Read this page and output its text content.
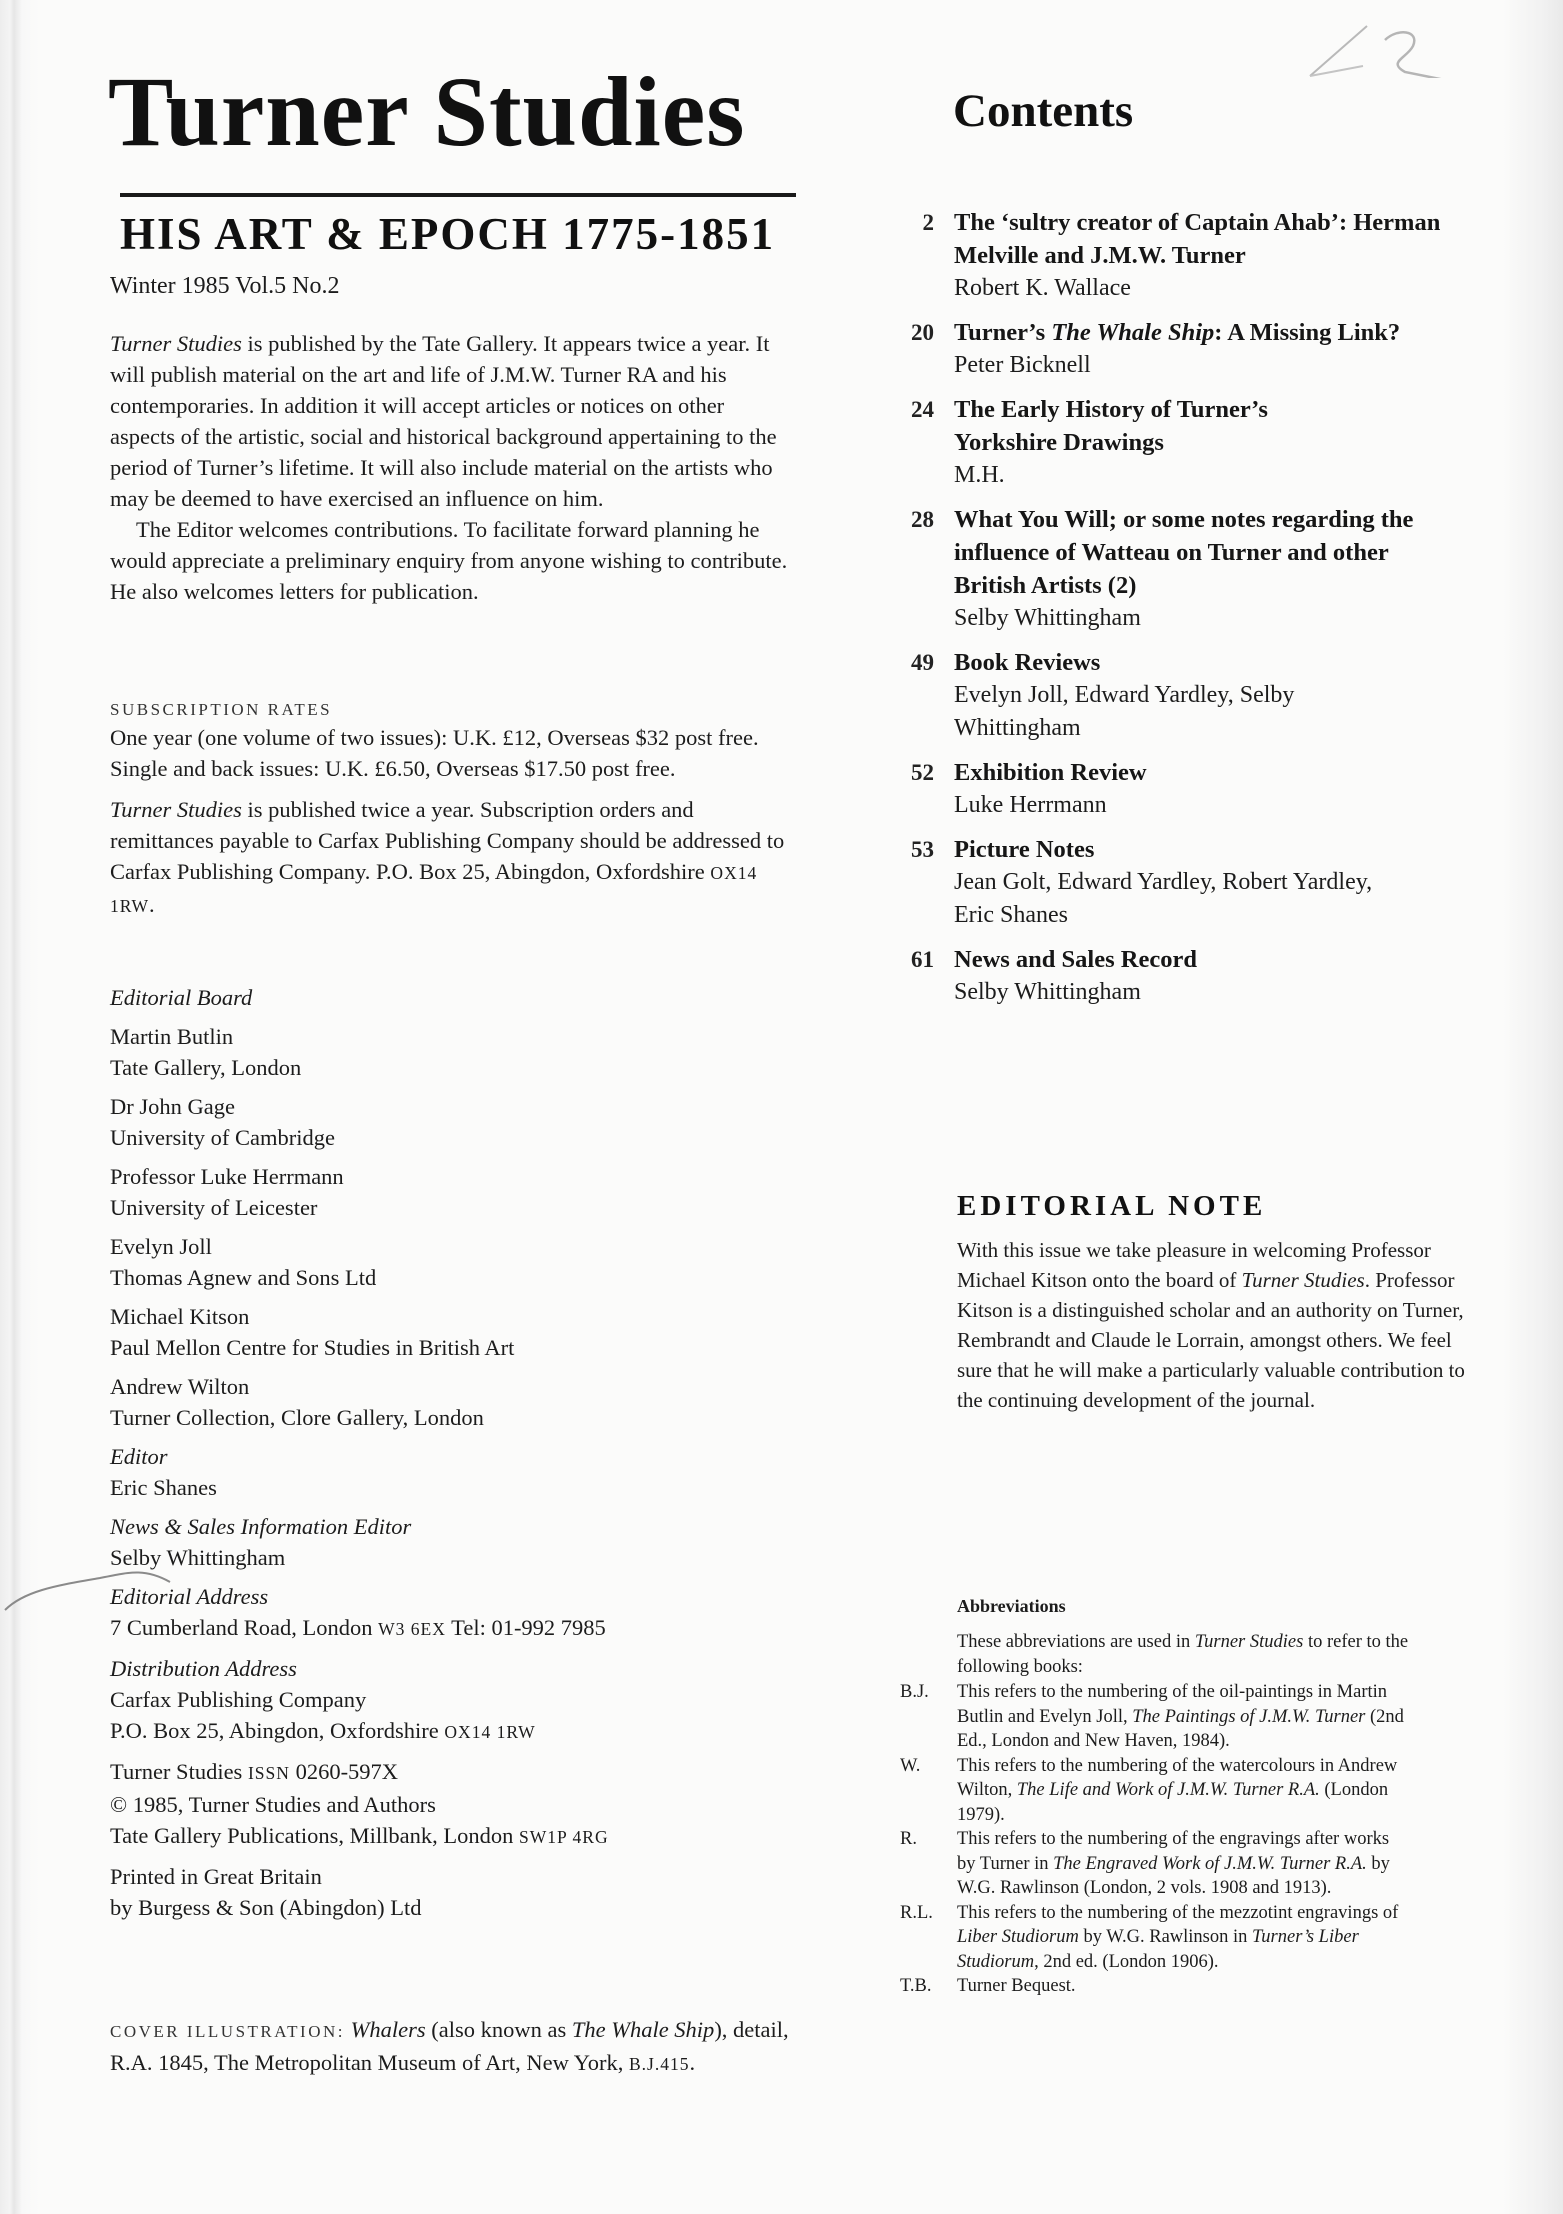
Turner Studies
HIS ART & EPOCH 1775-1851
Winter 1985 Vol.5 No.2

Turner Studies is published by the Tate Gallery. It appears twice a year. It will publish material on the art and life of J.M.W. Turner RA and his contemporaries. In addition it will accept articles or notices on other aspects of the artistic, social and historical background appertaining to the period of Turner’s lifetime. It will also include material on the artists who may be deemed to have exercised an influence on him.

The Editor welcomes contributions. To facilitate forward planning he would appreciate a preliminary enquiry from anyone wishing to contribute. He also welcomes letters for publication.

SUBSCRIPTION RATES
One year (one volume of two issues): U.K. £12, Overseas $32 post free. Single and back issues: U.K. £6.50, Overseas $17.50 post free.
Turner Studies is published twice a year. Subscription orders and remittances payable to Carfax Publishing Company should be addressed to Carfax Publishing Company. P.O. Box 25, Abingdon, Oxfordshire OX14 1RW.
Editorial Board
Martin Butlin
Tate Gallery, London
Dr John Gage
University of Cambridge
Professor Luke Herrmann
University of Leicester
Evelyn Joll
Thomas Agnew and Sons Ltd
Michael Kitson
Paul Mellon Centre for Studies in British Art
Andrew Wilton
Turner Collection, Clore Gallery, London
Editor
Eric Shanes
News & Sales Information Editor
Selby Whittingham
Editorial Address
7 Cumberland Road, London W3 6EX Tel: 01-992 7985
Distribution Address
Carfax Publishing Company
P.O. Box 25, Abingdon, Oxfordshire OX14 1RW
Turner Studies ISSN 0260-597X
© 1985, Turner Studies and Authors
Tate Gallery Publications, Millbank, London SW1P 4RG
Printed in Great Britain
by Burgess & Son (Abingdon) Ltd
COVER ILLUSTRATION: Whalers (also known as The Whale Ship), detail, R.A. 1845, The Metropolitan Museum of Art, New York, B.J.415.
Contents
2 The ‘sultry creator of Captain Ahab’: Herman Melville and J.M.W. Turner
Robert K. Wallace
20 Turner’s The Whale Ship: A Missing Link?
Peter Bicknell
24 The Early History of Turner’s Yorkshire Drawings
M.H.
28 What You Will; or some notes regarding the influence of Watteau on Turner and other British Artists (2)
Selby Whittingham
49 Book Reviews
Evelyn Joll, Edward Yardley, Selby Whittingham
52 Exhibition Review
Luke Herrmann
53 Picture Notes
Jean Golt, Edward Yardley, Robert Yardley, Eric Shanes
61 News and Sales Record
Selby Whittingham
EDITORIAL NOTE
With this issue we take pleasure in welcoming Professor Michael Kitson onto the board of Turner Studies. Professor Kitson is a distinguished scholar and an authority on Turner, Rembrandt and Claude le Lorrain, amongst others. We feel sure that he will make a particularly valuable contribution to the continuing development of the journal.
Abbreviations
These abbreviations are used in Turner Studies to refer to the following books:
B.J.	This refers to the numbering of the oil-paintings in Martin Butlin and Evelyn Joll, The Paintings of J.M.W. Turner (2nd Ed., London and New Haven, 1984).
W.	This refers to the numbering of the watercolours in Andrew Wilton, The Life and Work of J.M.W. Turner R.A. (London 1979).
R.	This refers to the numbering of the engravings after works by Turner in The Engraved Work of J.M.W. Turner R.A. by W.G. Rawlinson (London, 2 vols. 1908 and 1913).
R.L.	This refers to the numbering of the mezzotint engravings of Liber Studiorum by W.G. Rawlinson in Turner’s Liber Studiorum, 2nd ed. (London 1906).
T.B.	Turner Bequest.
